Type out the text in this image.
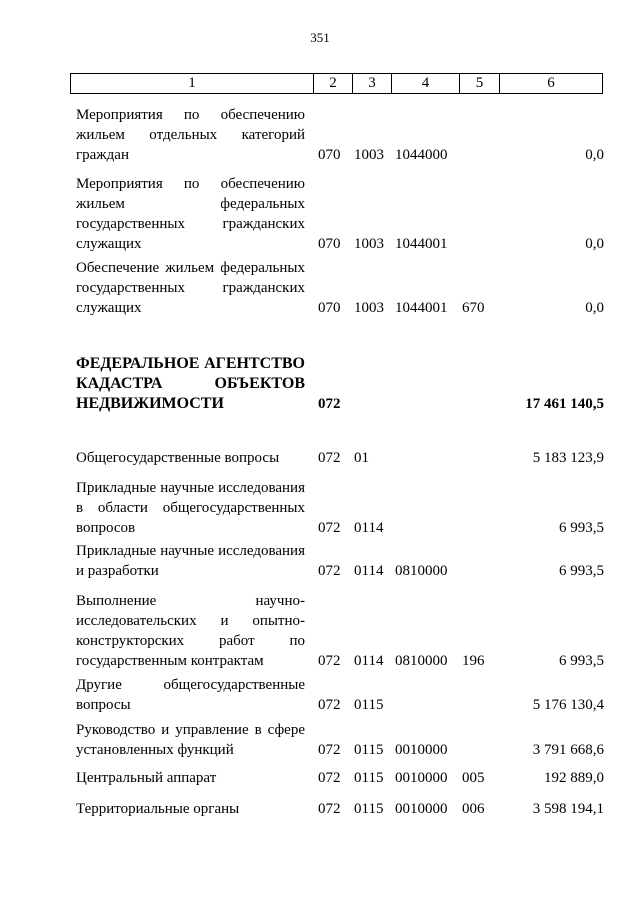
351
1	2	3	4	5	6
Мероприятия по обеспечению жильем отдельных категорий граждан	070 1003 1044000	0,0
Мероприятия по обеспечению жильем федеральных государственных гражданских служащих	070 1003 1044001	0,0
Обеспечение жильем федеральных государственных гражданских служащих	070 1003 1044001 670	0,0
ФЕДЕРАЛЬНОЕ АГЕНТСТВО КАДАСТРА ОБЪЕКТОВ НЕДВИЖИМОСТИ	072	17 461 140,5
Общегосударственные вопросы	072 01	5 183 123,9
Прикладные научные исследования в области общегосударственных вопросов	072 0114	6 993,5
Прикладные научные исследования и разработки	072 0114 0810000	6 993,5
Выполнение научно-исследовательских и опытно-конструкторских работ по государственным контрактам	072 0114 0810000 196	6 993,5
Другие общегосударственные вопросы	072 0115	5 176 130,4
Руководство и управление в сфере установленных функций	072 0115 0010000	3 791 668,6
Центральный аппарат	072 0115 0010000 005	192 889,0
Территориальные органы	072 0115 0010000 006	3 598 194,1
